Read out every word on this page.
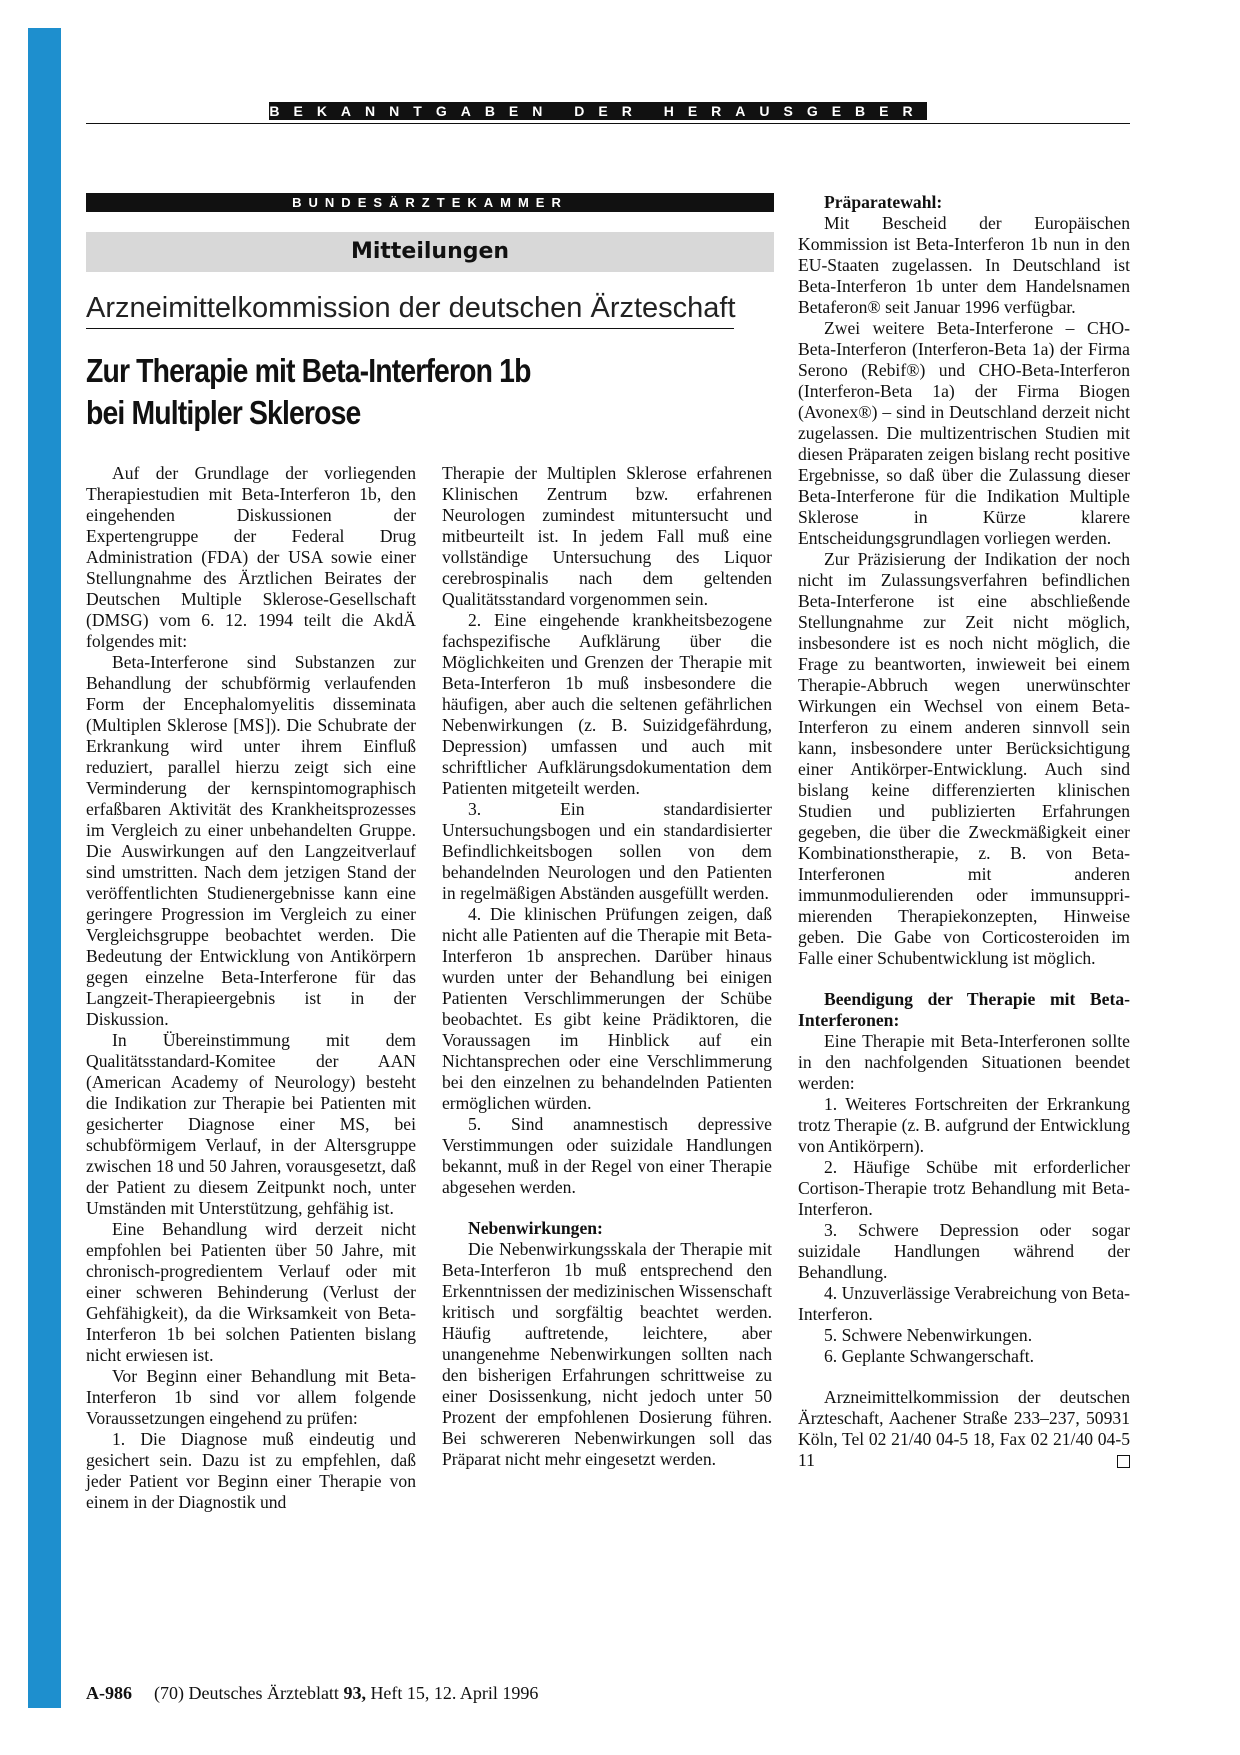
BEKANNTGABEN DER HERAUSGEBER
BUNDESÄRZTEKAMMER
Mitteilungen
Arzneimittelkommission der deutschen Ärzteschaft
Zur Therapie mit Beta-Interferon 1b
bei Multipler Sklerose

Auf der Grundlage der vorliegenden Therapiestudien mit Beta-Interferon 1b, den eingehenden Diskussionen der Expertengruppe der Federal Drug Administration (FDA) der USA sowie einer Stellungnahme des Ärztlichen Beirates der Deutschen Multiple Sklerose-Gesellschaft (DMSG) vom 6. 12. 1994 teilt die AkdÄ folgendes mit:

Beta-Interferone sind Substanzen zur Behandlung der schubförmig verlaufenden Form der Encephalomyelitis disseminata (Multiplen Sklerose [MS]). Die Schubrate der Erkrankung wird unter ihrem Einfluß reduziert, parallel hierzu zeigt sich eine Verminderung der kernspintomographisch erfaßbaren Aktivität des Krankheitsprozesses im Vergleich zu einer unbehandelten Gruppe. Die Auswirkungen auf den Langzeitverlauf sind umstritten. Nach dem jetzigen Stand der veröffentlichten Studienergebnisse kann eine geringere Progression im Vergleich zu einer Vergleichsgruppe beobachtet werden. Die Bedeutung der Entwicklung von Antikörpern gegen einzelne Beta-Interferone für das Langzeit-Therapieergebnis ist in der Diskussion.

In Übereinstimmung mit dem Qualitätsstandard-Komitee der AAN (American Academy of Neurology) besteht die Indikation zur Therapie bei Patienten mit gesicherter Diagnose einer MS, bei schubförmigem Verlauf, in der Altersgruppe zwischen 18 und 50 Jahren, vorausgesetzt, daß der Patient zu diesem Zeitpunkt noch, unter Umständen mit Unterstützung, gehfähig ist.

Eine Behandlung wird derzeit nicht empfohlen bei Patienten über 50 Jahre, mit chronisch-progredientem Verlauf oder mit einer schweren Behinderung (Verlust der Gehfähigkeit), da die Wirksamkeit von Beta-Interferon 1b bei solchen Patienten bislang nicht erwiesen ist.

Vor Beginn einer Behandlung mit Beta-Interferon 1b sind vor allem folgende Voraussetzungen eingehend zu prüfen:

1. Die Diagnose muß eindeutig und gesichert sein. Dazu ist zu empfehlen, daß jeder Patient vor Beginn einer Therapie von einem in der Diagnostik und

Therapie der Multiplen Sklerose erfahrenen Klinischen Zentrum bzw. erfahrenen Neurologen zumindest mituntersucht und mitbeurteilt ist. In jedem Fall muß eine vollständige Untersuchung des Liquor cerebrospinalis nach dem geltenden Qualitätsstandard vorgenommen sein.

2. Eine eingehende krankheitsbezogene fachspezifische Aufklärung über die Möglichkeiten und Grenzen der Therapie mit Beta-Interferon 1b muß insbesondere die häufigen, aber auch die seltenen gefährlichen Nebenwirkungen (z. B. Suizidgefährdung, Depression) umfassen und auch mit schriftlicher Aufklärungsdokumentation dem Patienten mitgeteilt werden.

3. Ein standardisierter Untersuchungsbogen und ein standardisierter Befindlichkeitsbogen sollen von dem behandelnden Neurologen und den Patienten in regelmäßigen Abständen ausgefüllt werden.

4. Die klinischen Prüfungen zeigen, daß nicht alle Patienten auf die Therapie mit Beta-Interferon 1b ansprechen. Darüber hinaus wurden unter der Behandlung bei einigen Patienten Verschlimmerungen der Schübe beobachtet. Es gibt keine Prädiktoren, die Voraussagen im Hinblick auf ein Nichtansprechen oder eine Verschlimmerung bei den einzelnen zu behandelnden Patienten ermöglichen würden.

5. Sind anamnestisch depressive Verstimmungen oder suizidale Handlungen bekannt, muß in der Regel von einer Therapie abgesehen werden.

Nebenwirkungen:

Die Nebenwirkungsskala der Therapie mit Beta-Interferon 1b muß entsprechend den Erkenntnissen der medizinischen Wissenschaft kritisch und sorgfältig beachtet werden. Häufig auftretende, leichtere, aber unangenehme Nebenwirkungen sollten nach den bisherigen Erfahrungen schrittweise zu einer Dosissenkung, nicht jedoch unter 50 Prozent der empfohlenen Dosierung führen. Bei schwereren Nebenwirkungen soll das Präparat nicht mehr eingesetzt werden.

Präparatewahl:

Mit Bescheid der Europäischen Kommission ist Beta-Interferon 1b nun in den EU-Staaten zugelassen. In Deutschland ist Beta-Interferon 1b unter dem Handelsnamen Betaferon® seit Januar 1996 verfügbar.

Zwei weitere Beta-Interferone – CHO-Beta-Interferon (Interferon-Beta 1a) der Firma Serono (Rebif®) und CHO-Beta-Interferon (Interferon-Beta 1a) der Firma Biogen (Avonex®) – sind in Deutschland derzeit nicht zugelassen. Die multizentrischen Studien mit diesen Präparaten zeigen bislang recht positive Ergebnisse, so daß über die Zulassung dieser Beta-Interferone für die Indikation Multiple Sklerose in Kürze klarere Entscheidungsgrundlagen vorliegen werden.

Zur Präzisierung der Indikation der noch nicht im Zulassungsverfahren befindlichen Beta-Interferone ist eine abschließende Stellungnahme zur Zeit nicht möglich, insbesondere ist es noch nicht möglich, die Frage zu beantworten, inwieweit bei einem Therapie-Abbruch wegen unerwünschter Wirkungen ein Wechsel von einem Beta-Interferon zu einem anderen sinnvoll sein kann, insbesondere unter Berücksichtigung einer Antikörper-Entwicklung. Auch sind bislang keine differenzierten klinischen Studien und publizierten Erfahrungen gegeben, die über die Zweckmäßigkeit einer Kombinationstherapie, z. B. von Beta-Interferonen mit anderen immunmodulierenden oder immunsupprimierenden Therapiekonzepten, Hinweise geben. Die Gabe von Corticosteroiden im Falle einer Schubentwicklung ist möglich.

Beendigung der Therapie mit Beta-Interferonen:

Eine Therapie mit Beta-Interferonen sollte in den nachfolgenden Situationen beendet werden:

1. Weiteres Fortschreiten der Erkrankung trotz Therapie (z. B. aufgrund der Entwicklung von Antikörpern).

2. Häufige Schübe mit erforderlicher Cortison-Therapie trotz Behandlung mit Beta-Interferon.

3. Schwere Depression oder sogar suizidale Handlungen während der Behandlung.

4. Unzuverlässige Verabreichung von Beta-Interferon.

5. Schwere Nebenwirkungen.

6. Geplante Schwangerschaft.

Arzneimittelkommission der deutschen Ärzteschaft, Aachener Straße 233–237, 50931 Köln, Tel 02 21/40 04-5 18, Fax 02 21/40 04-5 11

A-986 (70) Deutsches Ärzteblatt 93, Heft 15, 12. April 1996
